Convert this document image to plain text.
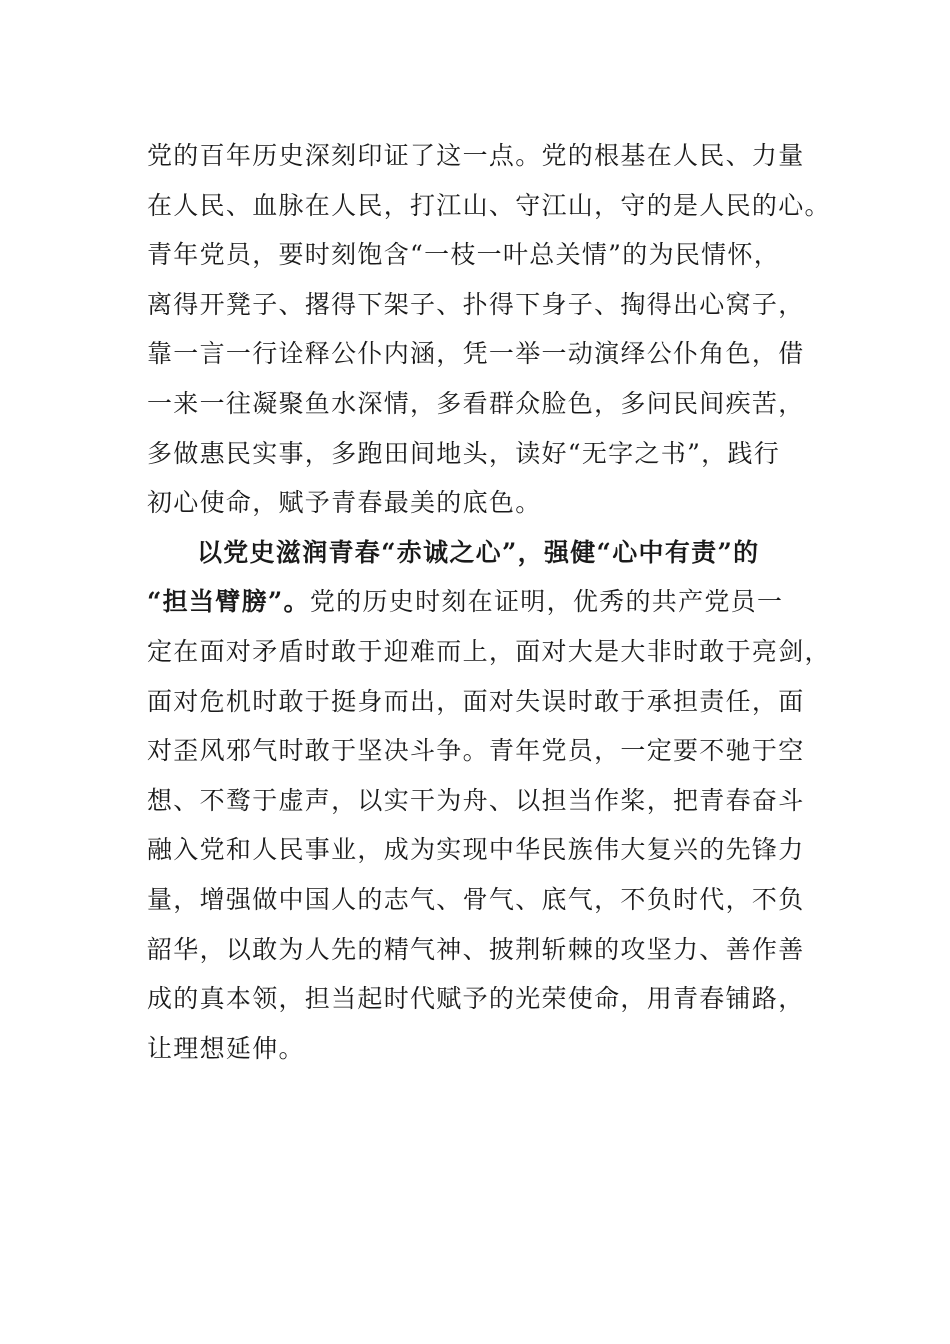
党的百年历史深刻印证了这一点。党的根基在人民、力量
在人民、血脉在人民，打江山、守江山，守的是人民的心。
青年党员，要时刻饱含“一枝一叶总关情”的为民情怀，
离得开凳子、撂得下架子、扑得下身子、掏得出心窝子，
靠一言一行诠释公仆内涵，凭一举一动演绎公仆角色，借
一来一往凝聚鱼水深情，多看群众脸色，多问民间疾苦，
多做惠民实事，多跑田间地头，读好“无字之书”，践行
初心使命，赋予青春最美的底色。
以党史滋润青春“赤诚之心”，强健“心中有责”的
“担当臂膀”。党的历史时刻在证明，优秀的共产党员一
定在面对矛盾时敢于迎难而上，面对大是大非时敢于亮剑，
面对危机时敢于挺身而出，面对失误时敢于承担责任，面
对歪风邪气时敢于坚决斗争。青年党员，一定要不驰于空
想、不鹜于虚声，以实干为舟、以担当作桨，把青春奋斗
融入党和人民事业，成为实现中华民族伟大复兴的先锋力
量，增强做中国人的志气、骨气、底气，不负时代，不负
韶华，以敢为人先的精气神、披荆斩棘的攻坚力、善作善
成的真本领，担当起时代赋予的光荣使命，用青春铺路，
让理想延伸。
